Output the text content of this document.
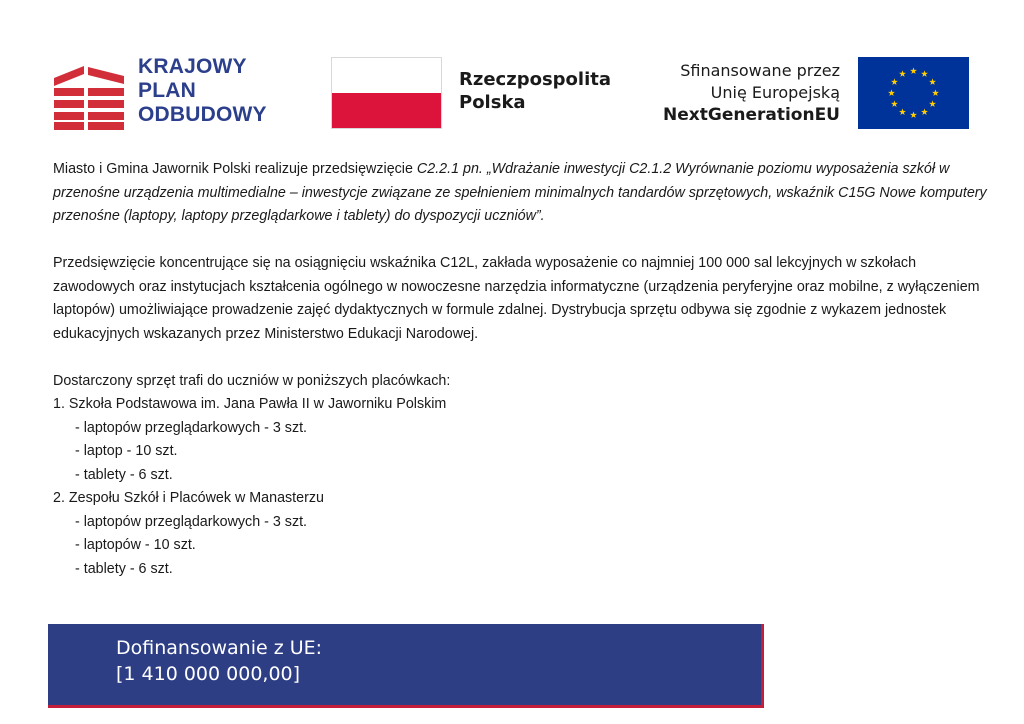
KRAJOWY
PLAN
ODBUDOWY
Rzeczpospolita
Polska
Sfinansowane przez
Unię Europejską
NextGenerationEU

Miasto i Gmina Jawornik Polski realizuje przedsięwzięcie C2.2.1 pn. „Wdrażanie inwestycji C2.1.2 Wyrównanie poziomu wyposażenia szkół w przenośne urządzenia multimedialne – inwestycje związane ze spełnieniem minimalnych tandardów sprzętowych, wskaźnik C15G Nowe komputery przenośne (laptopy, laptopy przeglądarkowe i tablety) do dyspozycji uczniów”.

Przedsięwzięcie koncentrujące się na osiągnięciu wskaźnika C12L, zakłada wyposażenie co najmniej 100 000 sal lekcyjnych w szkołach zawodowych oraz instytucjach kształcenia ogólnego w nowoczesne narzędzia informatyczne (urządzenia peryferyjne oraz mobilne, z wyłączeniem laptopów) umożliwiające prowadzenie zajęć dydaktycznych w formule zdalnej. Dystrybucja sprzętu odbywa się zgodnie z wykazem jednostek edukacyjnych wskazanych przez Ministerstwo Edukacji Narodowej.

Dostarczony sprzęt trafi do uczniów w poniższych placówkach:

1. Szkoła Podstawowa im. Jana Pawła II w Jaworniku Polskim

- laptopów przeglądarkowych - 3 szt.

- laptop - 10 szt.

- tablety - 6 szt.

2. Zespołu Szkół i Placówek w Manasterzu

- laptopów przeglądarkowych - 3 szt.

- laptopów - 10 szt.

- tablety - 6 szt.

Dofinansowanie z UE:
[1 410 000 000,00]
